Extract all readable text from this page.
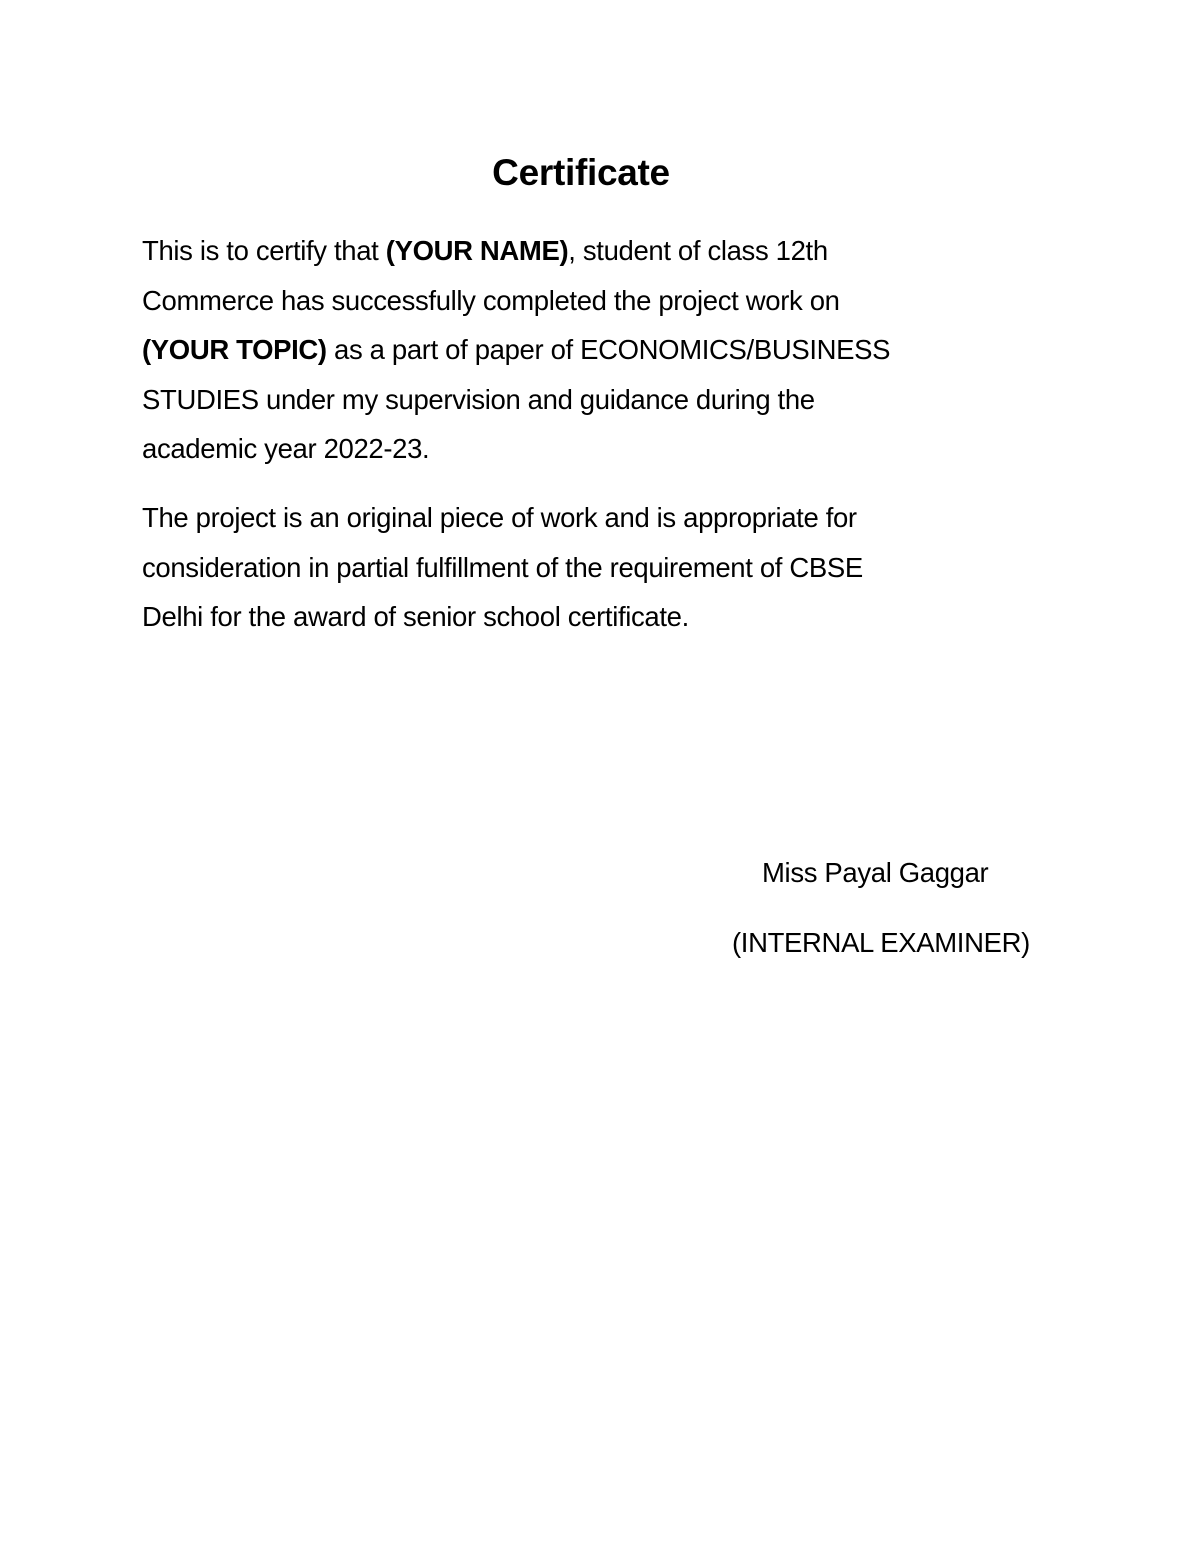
Certificate

This is to certify that (YOUR NAME), student of class 12th
Commerce has successfully completed the project work on
(YOUR TOPIC) as a part of paper of ECONOMICS/BUSINESS
STUDIES under my supervision and guidance during the
academic year 2022-23.

The project is an original piece of work and is appropriate for
consideration in partial fulfillment of the requirement of CBSE
Delhi for the award of senior school certificate.

Miss Payal Gaggar
(INTERNAL EXAMINER)
